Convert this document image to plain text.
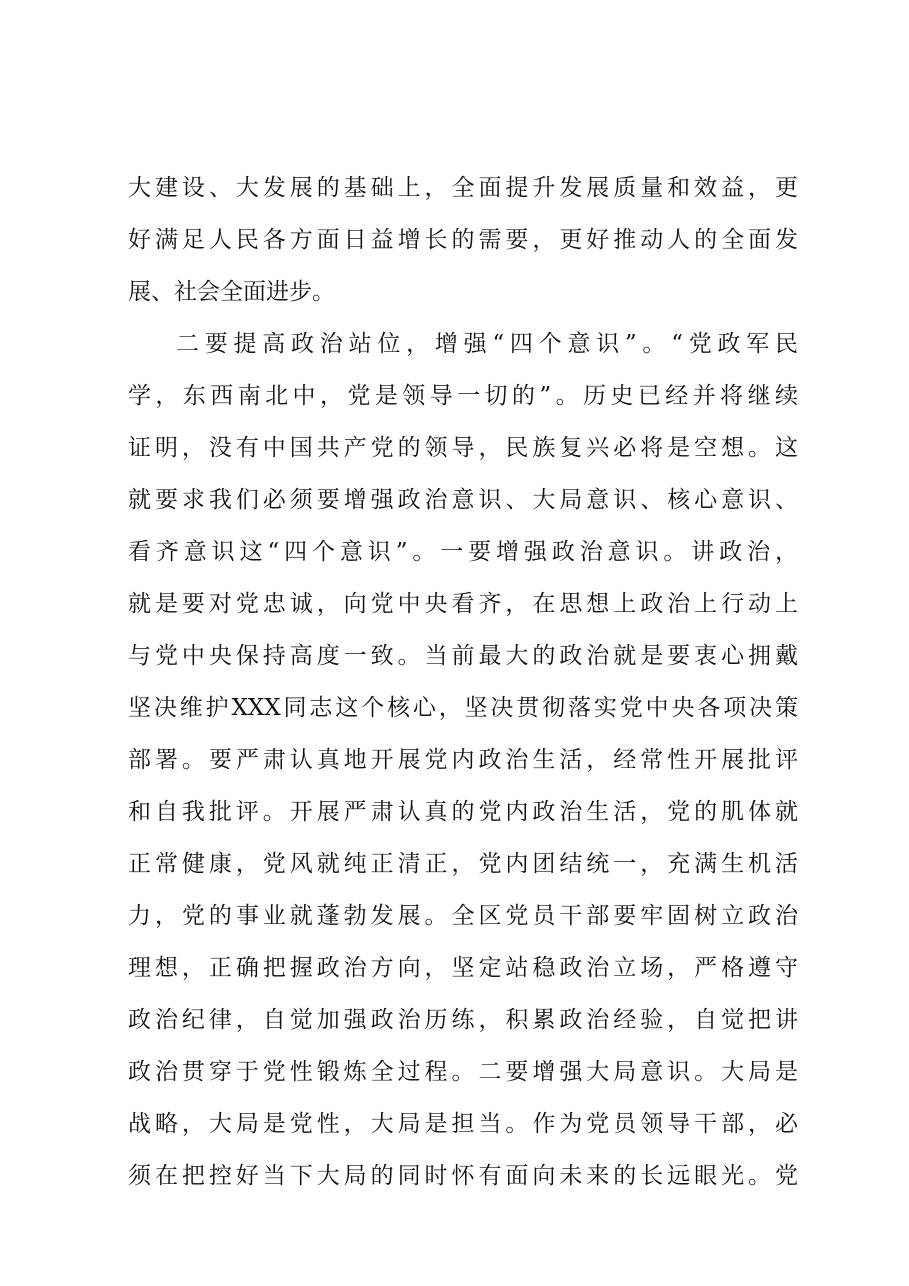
大建设、大发展的基础上，全面提升发展质量和效益，更
好满足人民各方面日益增长的需要，更好推动人的全面发
展、社会全面进步。
二要提高政治站位，增强“四个意识”。“党政军民
学，东西南北中，党是领导一切的”。历史已经并将继续
证明，没有中国共产党的领导，民族复兴必将是空想。这
就要求我们必须要增强政治意识、大局意识、核心意识、
看齐意识这“四个意识”。一要增强政治意识。讲政治，
就是要对党忠诚，向党中央看齐，在思想上政治上行动上
与党中央保持高度一致。当前最大的政治就是要衷心拥戴
坚决维护XXX同志这个核心，坚决贯彻落实党中央各项决策
部署。要严肃认真地开展党内政治生活，经常性开展批评
和自我批评。开展严肃认真的党内政治生活，党的肌体就
正常健康，党风就纯正清正，党内团结统一，充满生机活
力，党的事业就蓬勃发展。全区党员干部要牢固树立政治
理想，正确把握政治方向，坚定站稳政治立场，严格遵守
政治纪律，自觉加强政治历练，积累政治经验，自觉把讲
政治贯穿于党性锻炼全过程。二要增强大局意识。大局是
战略，大局是党性，大局是担当。作为党员领导干部，必
须在把控好当下大局的同时怀有面向未来的长远眼光。党
